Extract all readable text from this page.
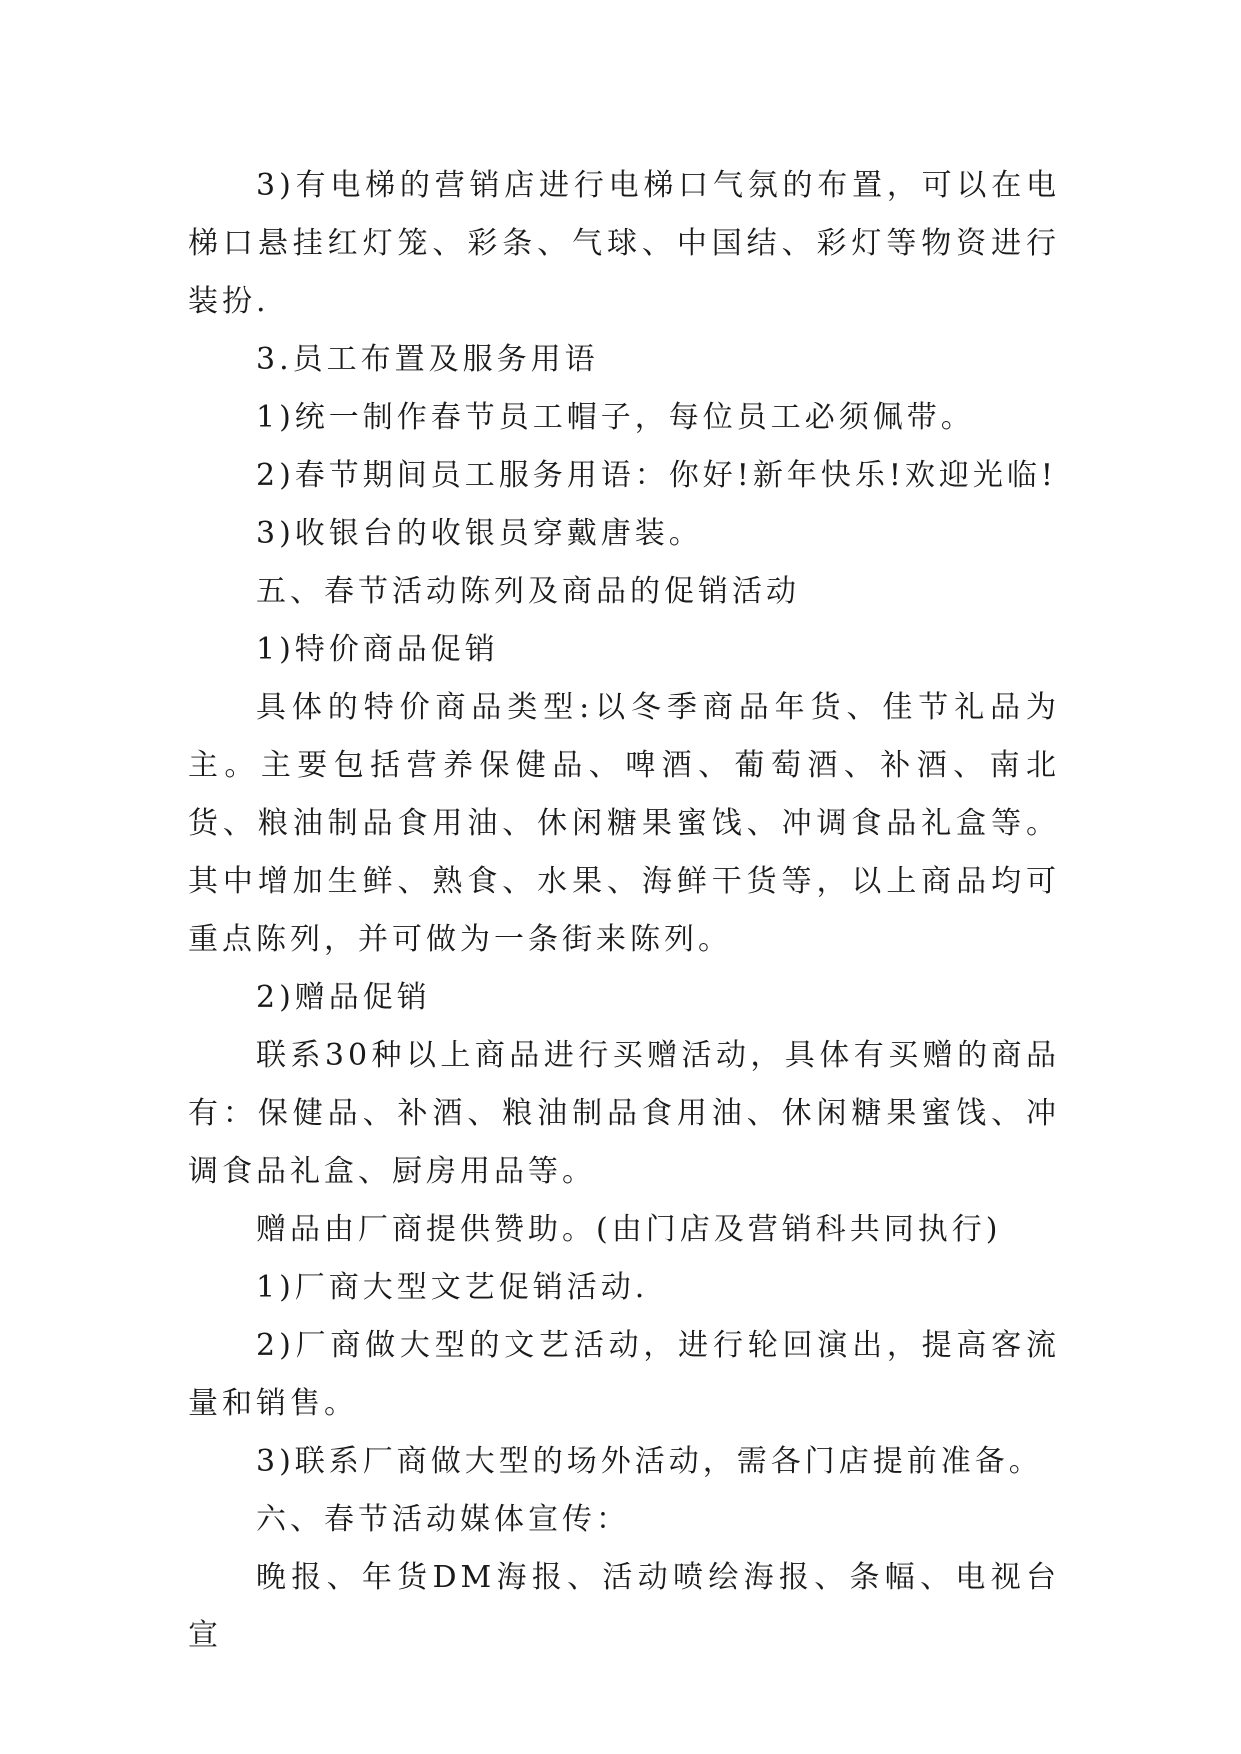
3)有电梯的营销店进行电梯口气氛的布置，可以在电梯口悬挂红灯笼、彩条、气球、中国结、彩灯等物资进行装扮.

3.员工布置及服务用语

1)统一制作春节员工帽子，每位员工必须佩带。

2)春节期间员工服务用语：你好!新年快乐!欢迎光临!

3)收银台的收银员穿戴唐装。

五、春节活动陈列及商品的促销活动

1)特价商品促销

具体的特价商品类型:以冬季商品年货、佳节礼品为主。主要包括营养保健品、啤酒、葡萄酒、补酒、南北货、粮油制品食用油、休闲糖果蜜饯、冲调食品礼盒等。其中增加生鲜、熟食、水果、海鲜干货等，以上商品均可重点陈列，并可做为一条街来陈列。

2)赠品促销

联系30种以上商品进行买赠活动，具体有买赠的商品有：保健品、补酒、粮油制品食用油、休闲糖果蜜饯、冲调食品礼盒、厨房用品等。

赠品由厂商提供赞助。(由门店及营销科共同执行)

1)厂商大型文艺促销活动.

2)厂商做大型的文艺活动，进行轮回演出，提高客流量和销售。

3)联系厂商做大型的场外活动，需各门店提前准备。

六、春节活动媒体宣传：

晚报、年货DM海报、活动喷绘海报、条幅、电视台宣
